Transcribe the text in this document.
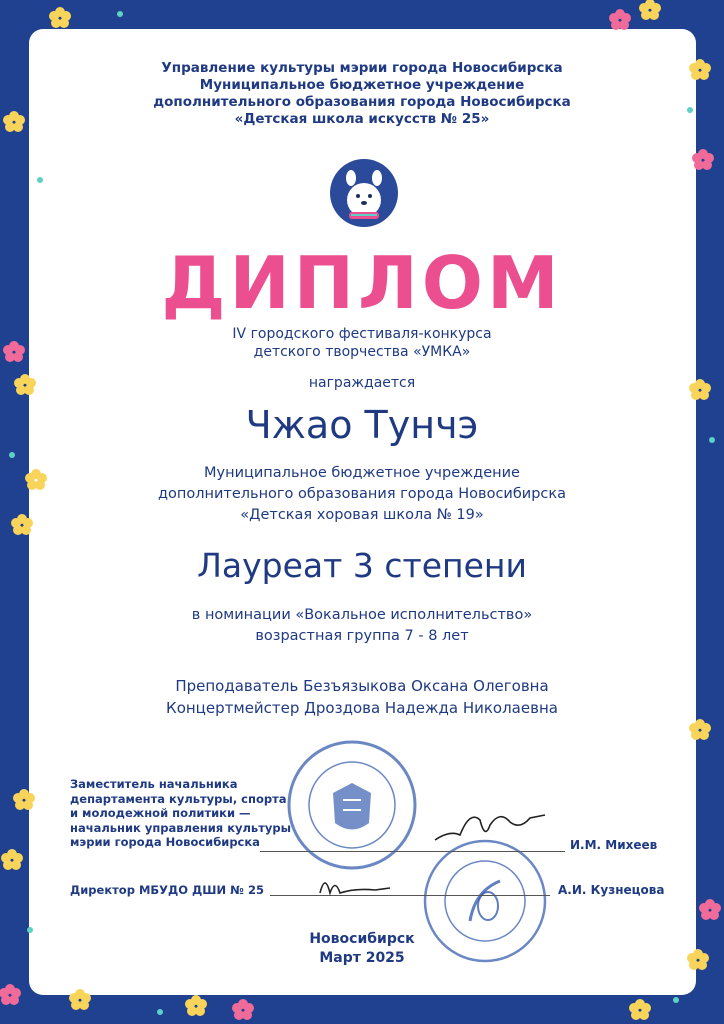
Управление культуры мэрии города Новосибирска
Муниципальное бюджетное учреждение
дополнительного образования города Новосибирска
«Детская школа искусств № 25»
ДИПЛОМ
IV городского фестиваля-конкурса
детского творчества «УМКА»
награждается
Чжао Тунчэ
Муниципальное бюджетное учреждение
дополнительного образования города Новосибирска
«Детская хоровая школа № 19»
Лауреат 3 степени
в номинации «Вокальное исполнительство»
возрастная группа 7 - 8 лет
Преподаватель Безъязыкова Оксана Олеговна
Концертмейстер Дроздова Надежда Николаевна
Заместитель начальника
департамента культуры, спорта
и молодежной политики —
начальник управления культуры
мэрии города Новосибирска	И.М. Михеев
Директор МБУДО ДШИ № 25	А.И. Кузнецова
Новосибирск
Март 2025
